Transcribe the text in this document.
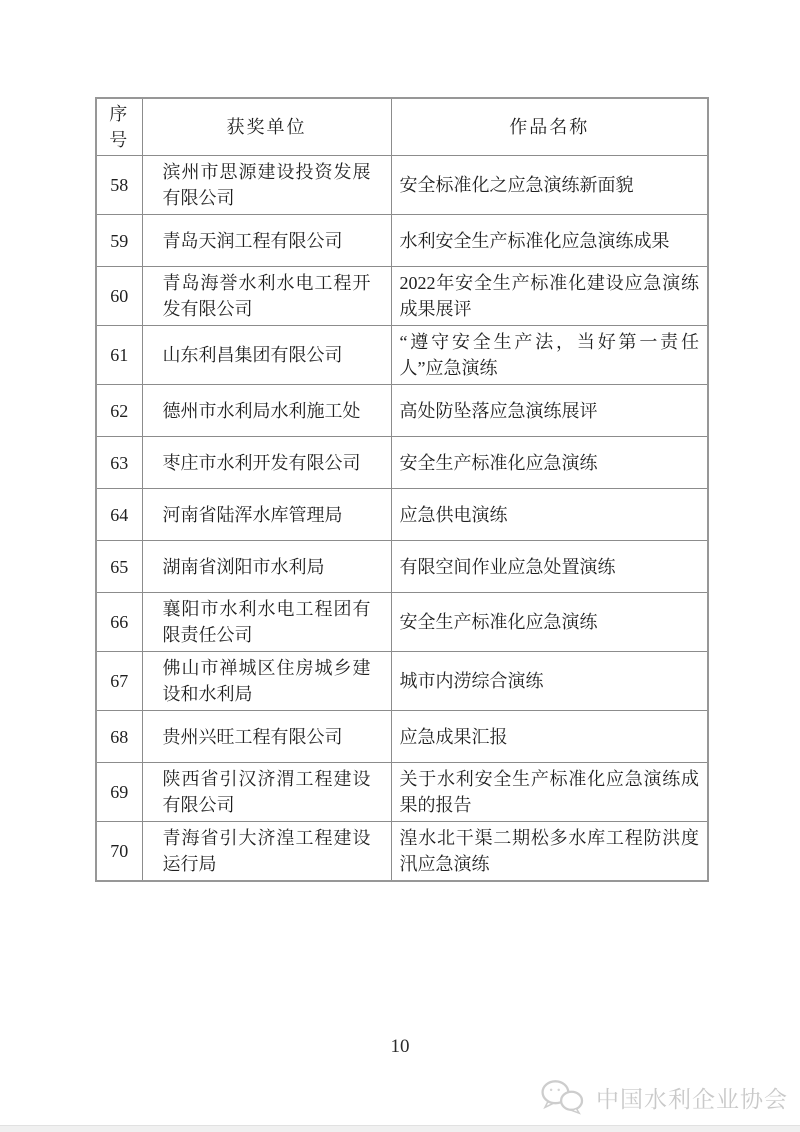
序号	获奖单位	作品名称
58	滨州市思源建设投资发展有限公司	安全标准化之应急演练新面貌
59	青岛天润工程有限公司	水利安全生产标准化应急演练成果
60	青岛海誉水利水电工程开发有限公司	2022年安全生产标准化建设应急演练成果展评
61	山东利昌集团有限公司	“遵守安全生产法，当好第一责任人”应急演练
62	德州市水利局水利施工处	高处防坠落应急演练展评
63	枣庄市水利开发有限公司	安全生产标准化应急演练
64	河南省陆浑水库管理局	应急供电演练
65	湖南省浏阳市水利局	有限空间作业应急处置演练
66	襄阳市水利水电工程团有限责任公司	安全生产标准化应急演练
67	佛山市禅城区住房城乡建设和水利局	城市内涝综合演练
68	贵州兴旺工程有限公司	应急成果汇报
69	陕西省引汉济渭工程建设有限公司	关于水利安全生产标准化应急演练成果的报告
70	青海省引大济湟工程建设运行局	湟水北干渠二期松多水库工程防洪度汛应急演练
10
中国水利企业协会
